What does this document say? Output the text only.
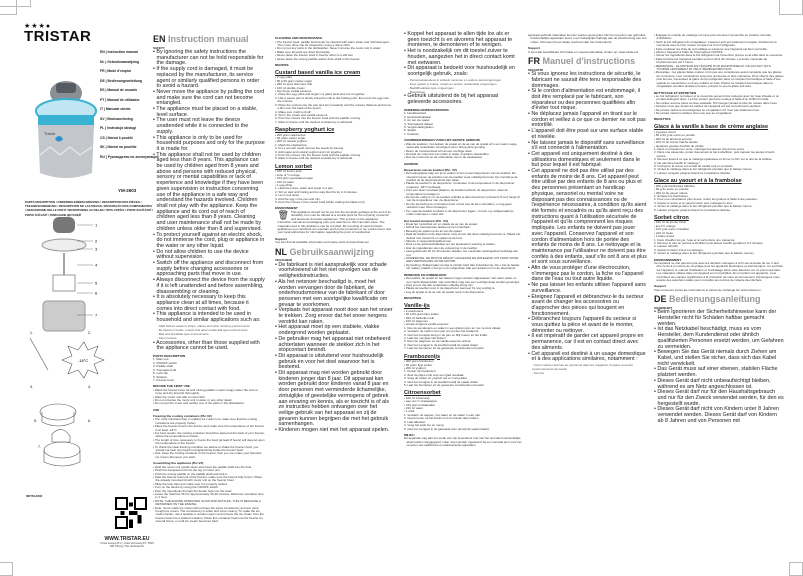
★★★●
TRISTAR
Tristar
EN | Instruction manual
NL | Gebruiksaanwijzing
FR | Mode d'emploi
DE | Bedienungsanleitung
ES | Manual de usuario
PT | Manual de utilizador
IT | Manuale utente
SV | Bruksanvisning
PL | Instrukcja obsługi
CS | Návod k použití
SK | Návod na použitie
RU | Руководство по эксплуатации
YM-2603
PARTS DESCRIPTION / ONDERDELENBESCHRIJVING / DESCRIPTION DES PIÈCES / TEILEBESCHREIBUNG / DESCRIPCIÓN DE LAS PIEZAS / DESCRIÇÃO DOS COMPONENTES / DESCRIZIONE DELLE PARTI / BESKRIVNING AV DELAR / OPIS CZĘŚCI / POPIS SOUČÁSTÍ / POPIS SÚČASTÍ / ОПИСАНИЕ ДЕТАЛЕЙ
1
2
3
4
5
6
7
-18°C
1.	2.
3.	4.
5.	6.
7.
IM/YM-2603
WWW.TRISTAR.EU
Tristar Europe B.V. | Jules Verneweg 87 | 5015 BM Tilburg | The Netherlands
EN Instruction manual
SAFETY
• By ignoring the safety instructions the manufacturer can not be hold responsible for the damage.
• If the supply cord is damaged, it must be replaced by the manufacturer, its service agent or similarly qualified persons in order to avoid a hazard.
• Never move the appliance by pulling the cord and make sure the cord can not become entangled.
• The appliance must be placed on a stable, level surface.
• The user must not leave the device unattended while it is connected to the supply.
• This appliance is only to be used for household purposes and only for the purpose it is made for.
• This appliance shall not be used by children aged less than 8 years. This appliance can be used by children aged from 8 years and above and persons with reduced physical, sensory or mental capabilities or lack of experience and knowledge if they have been given supervision or instruction concerning use of the appliance in a safe way and understand the hazards involved. Children shall not play with the appliance. Keep the appliance and its cord out of reach of children aged less than 8 years. Cleaning and user maintenance shall not be made by children unless older than 8 and supervised.
• To protect yourself against an electric shock, do not immerse the cord, plug or appliance in the water or any other liquid.
• Do not allow children to use the device without supervision.
• Switch off the appliance and disconnect from supply before changing accessories or approaching parts that move in use.
• Always disconnect the device from the supply if it is left unattended and before assembling, disassembling or cleaning.
• It is absolutely necessary to keep this appliance clean at all times, because it comes into direct contact with food.
• This appliance is intended to be used in household and similar applications such as:
- Staff kitchen areas in shops, offices and other working environments.
- By clients in hotels, motels and other residential type environments.
- Bed and breakfast type environments.
- Farm houses.
• Accessories, other than those supplied with the appliance cannot be used.
PARTS DESCRIPTION
1. Main unit
2. ON/OFF switch
3. Paddle shaft
4. Transparent lid
5. Lock clip
6. Spatula
7. Freezer bowl
BEFORE THE FIRST USE
• Wash the freezer bowl, lid and mixing paddle in warm soapy water. Be sure to rinse and dry all parts thoroughly.
• Wipe the motor unit with a moist cloth.
• Do not immerse the motor unit in water or any other liquid.
• Do not put the motor and neither one of the parts in the dishwasher.
USE
Freezing the cooling containers (Pic.V2)
• The most important step in making ice cream is to make sure that the cooling containers are properly frozen.
• Place the freezer bowl in the freezer and make sure the temperature of the freezer is at least -18°C.
• For best results, the cooling container should be placed at the back of your freezer, where the temperature is lowest.
• The length of time necessary to freeze the bowl (at least 8 hours) will depend upon the temperature of the freezer.
• To check the ideal freezing condition we advise to shake the freezer bowl, you should not hear any liquid moving/sloshing inside the freezer bowl.
• Hint: Keep the cooling container in the freezer, then you can make your favourite ice cream whenever you want.
Assembling the appliance (Pic.V3)
• Hold the motor unit upside down and insert the paddle shaft into the hole.
• Push the transparent lid into the leg of motor unit.
• Push the mixing paddle on the paddle shaft and lock it.
• Take the freezer bowl out of the freezer, make sure the bowl is fully frozen. Place the already mounted lid with motor unit on the freezer bowl.
• Slide the lock clips and make sure it is properly locked.
• Turn on the device by using the ON/OFF switch.
• Pour the ingredients through the feeder hole into the bowl.
• Leave the machine ON for approximately 20-40 minutes. Maximum operation time is 1 hour.
• NOTE: THE ENGINE OPERATES SLOW AND RATTLES. THIS IS BECAUSE A RETARDER ON THE ENGINE.
• Note: home made ice cream will not have the same consistency as hard, store bought ice cream. The consistency is softer and more creamy. To make the ice cream harder, use a spatula or wooden spoon and remove the ice cream from the freezer bowl into a sealed container. Place this container back into the freezer for several hours, or until ice cream becomes hard.
CLEANING AND MAINTENANCE
• The freezer bowl, paddle and lid can be cleaned with warm water and mild detergent. The motor drive can be cleaned by using a damp cloth.
• Do not put any parts in the dishwasher. Never immerse the motor unit in water.
• Make sure all parts are dried thoroughly.
• Never place the freezer bowl in freezer when it is still wet.
• Never place the mixing paddle and/or drive shaft in the freezer.
RECIPES
Custard based vanilla ice cream
• 2 egg yolks
• 50 à 60 gram caster sugar
• 200 ml semi skimmed milk
• 100 ml double cream
• few drops vanilla essence
1. Place the egg yolks and sugar in a glass bowl and mix it together.
2. Use a sauce pan to slowly bring the milk to the boiling point, then pour the egg onto the mixture.
3. Place the mixture into the pan and stir constantly until the mixture thickens and forms a film over the back of the spoon.
4. Make sure it will not boil!
5. Stir in the cream and vanilla essence.
6. Pour the mixture into the freezer bowl with the paddle running.
7. Allow to freeze until the desired consistency is achieved.
Raspberry yoghurt ice
• 200 gram raspberries
• 60 gram caster sugar
• 200 ml natural yoghurt
1. Mash the raspberries.
2. For a smooth result remove the seeds by sieving.
3. Add sugar and natural yoghurt and mix together.
4. Pour the mixture into the freezer bowl with the paddle running.
5. Allow to freeze until the desired consistency is achieved.
Lemon sorbet
• 100 ml lemon juice
• juice of ½ orange
• 210 gram granulated sugar
• 210 ml water
• 1 egg white
1. Heat the juices, water and sugar in a pan.
2. Stir up well until boiling and let stay like this for 2-3 minutes.
3. Let it cool down.
4. Add the egg in the pan and mix.
5. Pour the mixture in the cooled bowl (while making the blade turn).
ENVIRONMENT
🗑 This appliance should not be put into the domestic garbage at the end of its durability, but must be offered at a central point for the recycling of electric and electronic domestic appliances. This symbol on the appliance, instruction manual and packaging puts your attention to this important issue. The materials used in this appliance can be recycled. By recycling of used domestic appliances you contribute an important push to the protection of our environment. Ask your local authorities for information regarding the point of recollection.
Support
You can find all available information and spare parts at www.tristar.eu!
NL Gebruiksaanwijzing
VEILIGHEID
• De fabrikant is niet aansprakelijk voor schade voortvloeiend uit het niet opvolgen van de veiligheidsinstructies.
• Als het netsnoer beschadigd is, moet het worden vervangen door de fabrikant, de onderhoudsmonteur van de fabrikant of door personen met een soortgelijke kwalificatie om gevaar te voorkomen.
• Verplaats het apparaat nooit door aan het snoer te trekken. Zorg ervoor dat het snoer nergens verstrikt kan raken.
• Het apparaat moet op een stabiele, vlakke ondergrond worden geplaatst.
• De gebruiker mag het apparaat niet onbeheerd achterlaten wanneer de stekker zich in het stopcontact bevindt.
• Dit apparaat is uitsluitend voor huishoudelijk gebruik en voor het doel waarvoor het is bestemd.
• Dit apparaat mag niet worden gebruikt door kinderen jonger dan 8 jaar. Dit apparaat kan worden gebruikt door kinderen vanaf 8 jaar en door personen met verminderde lichamelijke, zintuiglijke of geestelijke vermogens of gebrek aan ervaring en kennis, als er toezicht is of als ze instructies hebben ontvangen over het veilige gebruik van het apparaat en zij de gevaren kunnen begrijpen die met het gebruik samenhangen.
• Kinderen mogen niet met het apparaat spelen.
• Koppel het apparaat te allen tijde los als er geen toezicht is en alvorens het apparaat te monteren, te demonteren of te reinigen.
• Het is noodzakelijk om dit toestel zuiver te houden, aangezien het in direct contact komt met eetwaren.
• Dit apparaat is bedoeld voor huishoudelijk en soortgelijk gebruik, zoals:
- Personeelskeukens in winkels, kantoren en andere werkomgevingen.
- Door gasten in hotels, motels en andere residentiële omgevingen.
- Bed&Breakfast-type omgevingen.
- Boerderijen.
• Gebruik uitsluitend de bij het apparaat geleverde accessoires.
ONDERDELENBESCHRIJVING
1. Hoofdeenheid
2. Aan/uitschakelaar
3. As van de spatel
4. Transparant deksel
5. Vergrendelingsklem
6. Spatel
7. Koelkom
VOORBEREIDINGEN VOOR HET EERSTE GEBRUIK
• Was de koelkom, het deksel, de spatel en de as van de spatel af in een warm sopje, spoel alle onderdelen vervolgens af en droog deze grondig.
• Neem de motoreenheid af met een vochtige doek.
• Dompel de motorunit niet onder in water of andere vloeistoffen.
• Doe de motorunit en de onderdelen niet in de vaatwasser.
GEBRUIK
Diepvriezen van de koelbol (Pic. V2)
• De belangrijkste stap om ijs te maken is het correct diepvriezen van de koelbol. De vloeistof tussen de wanden van de koelbol moet volledig bevroren zijn voordat je de koelbol uit de diepvriesruimte kan halen.
• Plaats de koelbol in de diepvriezer. Controleer of de temperatuur in de diepvriezer ongeveer -18°C bedraagt.
• Voor een beter resultaat plaatst u de koelbol achterin de diepvriezer, waar de temperatuur het laagst is.
• De tijd die nodig is om de koelbol volledig te laten bevriezen (minstens 8 uur) hangt af van de temperatuur van uw diepvriezer.
• Om de bevriezing te controleren kunt u best met de kom schudden, u mag geen vloeistof meer horen bewegen.
• Tip: Laat de koelbol constant in de diepvriezer liggen, zo kunt u je zelfgemaakt ijs maken wanneer u maar wilt.
Het toestel monteren (Pic. V3)
• Draai het motorblok om en plaats de as van de spatel.
• Schuif het transparante deksel op het motorblok.
• Bevestig de spatel op de as van de spatel.
• Haal de koelbol uit de diepvriezer zorg ervoor dat deze volledig bevroren is. Plaats het deksel met motorunit en spatel op de kom.
• Sluit de 2 vergrendelingsklemmen.
• Druk op de aan/uitschakelaar om het apparaat in werking te stellen.
• Giet de ingrediënten door de vulopening in de koelbol.
• Laat gedurende 20 tot 40 minuten draaien. De maximale werkingsduur bedraagt één uur.
• OPMERKING: DE MOTOR DRAAIT LANGZAAM EN RATELEND, DIT KOMT DOOR EEN VERTRAGING OP DE MOTOR.
• Opmerking: Zelfgemaakt roomijs is minder hard dan industrieel ijs. Als u het ijs harder wil maken, plaatst u het ijs in een afgesloten bak een aantal uren in de diepvriezer.
REINIGING EN ONDERHOUD
• De koelbol, de spatel en het deksel mogen worden afgewassen met warm water en een zacht afwasmiddel. Het motorblok mag met een vochtige doek worden gereinigd.
• Zorg ervoor dat alle onderdelen volledig droog zijn.
• Plaats de koelbol nooit in de diepvriezer wanneer hij nog vochtig is.
• Leg de spatel of de as van de spatel nooit in de diepvriezer.
RECEPTEN
Vanille-ijs
• 2 eierdooiers
• 50 à 60 gram fijne suiker
• 200 ml halfvolle melk
• 100 ml slagroom
• enkele druppels vanille-essence
1. Doe de eierdooiers en suiker in een glazen kom en mix ze door elkaar.
2. Verwarm de melk in een pan tot net aan het kookpunt.
3. Giet het mengsel terug in de pan en blijf roeren tot het indikt.
4. Laat het mengsel niet koken!
5. Roer de slagroom en de vanille-essence erdoor.
6. Giet het mengsel in de koelbol terwijl de spatel draait.
7. Laat het bevriezen tot de gewenste consistentie is bereikt.
Frambozenijs
• 200 gram frambozen
• 60 gram fijne suiker
• 200 ml yoghurt
1. Pureer de frambozen.
2. Zeef de pitjes eruit voor een glad resultaat.
3. Voeg de suiker en yoghurt toe en meng alles.
4. Giet het mengsel in de koelbol terwijl de spatel draait.
5. Laat het bevriezen tot de gewenste consistentie is bereikt.
Citroensorbet
• 100 ml citroensap
• sap van ½ sinaasappel
• 210 gram kristalsuiker
• 210 ml water
• 1 eiwit
1. Verwarm de sappen, het water en de suiker in een pan.
2. Goed roeren tot het kookt en 2-3 minuten laten koken.
3. Laat afkoelen.
4. Voeg het eiwit toe en meng.
5. Giet het mengsel in de gekoelde kom (terwijl de spatel draait).
MILIEU
Dit apparaat mag aan het einde van zijn levensduur niet met het normale huishoudelijke afval worden weggegooid, maar moet worden ingeleverd bij een centraal punt voor het recyclen van elektrische en elektronische apparaten.
apparaat gebruikt materialen kunnen worden gerecycled. Met het recyclen van gebruikte huishoudelijke apparaten levert u een belangrijke bijdrage aan de bescherming van ons milieu. Informeer bij uw lokale overheid naar het inzamelpunt.
Support
U kunt alle beschikbare informatie en reserveonderdelen vinden op: www.tristar.eu!
FR Manuel d'instructions
SÉCURITÉ
• Si vous ignorez les instructions de sécurité, le fabricant ne saurait être tenu responsable des dommages.
• Si le cordon d'alimentation est endommagé, il doit être remplacé par le fabricant, son réparateur ou des personnes qualifiées afin d'éviter tout risque.
• Ne déplacez jamais l'appareil en tirant sur le cordon et veillez à ce que ce dernier ne soit pas entortillé.
• L'appareil doit être posé sur une surface stable et nivelée.
• Ne laissez jamais le dispositif sans surveillance s'il est connecté à l'alimentation.
• Cet appareil est uniquement destiné à des utilisations domestiques et seulement dans le but pour lequel il est fabriqué.
• Cet appareil ne doit pas être utilisé par des enfants de moins de 8 ans. Cet appareil peut être utilisé par des enfants de 8 ans ou plus et des personnes présentant un handicap physique, sensoriel ou mental voire ne disposant pas des connaissances ou de l'expérience nécessaires, à condition qu'ils aient été formés et encadrés ou qu'ils aient reçu des instructions quant à l'utilisation sécurisée de l'appareil et qu'ils comprennent les risques impliqués. Les enfants ne doivent pas jouer avec l'appareil. Conservez l'appareil et son cordon d'alimentation hors de portée des enfants de moins de 8 ans. Le nettoyage et la maintenance par l'utilisateur ne doivent pas être confiés à des enfants, sauf s'ils ont 8 ans et plus et sont sous surveillance.
• Afin de vous protéger d'une électrocution, n'immergez pas le cordon, la fiche ou l'appareil dans de l'eau ou tout autre liquide.
• Ne pas laisser les enfants utiliser l'appareil sans surveillance.
• Éteignez l'appareil et débranchez-le du secteur avant de changer les accessoires ou d'approcher des pièces qui bougent en fonctionnement.
• Débranchez toujours l'appareil du secteur si vous quittez la pièce et avant de le monter, démonter ou nettoyer.
• Il est impératif de garder cet appareil propre en permanence, car il est en contact direct avec des aliments.
• Cet appareil est destiné à un usage domestique et à des applications similaires, notamment :
- Coins cuisine réservés au personnel dans les magasins, bureaux et autres environnements de travail.
- Fermes.
• Engager le module de mélange sur l'axe puis retourner l'ensemble en position normale d'utilisation.
• Sortir le bol réfrigérant du congélateur, s'assurer qu'il est totalement congelé. Positionner le couvercle avec le bloc moteur complet sur le bol réfrigérant.
• Faire coulisser les clips de verrouillage et s'assurer que l'appareil est bien verrouillé.
• Allumer l'appareil à l'aide de l'interrupteur ON/OFF.
• Verser les ingrédients dans le bol réfrigérant via l'ouverture prévue à cet effet dans le couvercle.
• Faire fonctionner l'appareil pendant environ 20 à 40 minutes. La durée maximale de fonctionnement est 1 heure.
• REMARQUE : LE MOTEUR EST ÉQUIPÉ D'UN RALENTISSEUR. CE QUI FAIT QU'IL TOURNE LENTEMENT ET PEUT SEMBLER BRUYANT.
• Remarque : les glaces faites maison n'ont pas une consistance aussi compacte que les glaces du commerce. Leur consistance sera plus onctueuse et plus crémeuse. Pour obtenir des glaces plus fermes, transvasez la glace du bol réfrigérant dans un récipient hermétique à l'aide d'une spatule en caoutchouc ou d'une cuillère en bois. Placez ce récipient hermétique dans le congélateur pendant plusieurs heures, jusqu'à ce que la glace soit dure.
NETTOYAGE ET ENTRETIEN
• Le bol réfrigérant, le batteur et le couvercle peuvent être nettoyés avec de l'eau chaude et un produit détergent doux. Le bloc moteur peut être nettoyé à l'aide d'un chiffon humide.
• Ne mettez aucune pièce au lave-vaisselle. N'immergez jamais le bloc du moteur dans l'eau.
• Assurez-vous que toutes les parties de l'appareil ont été correctement séchées.
• Ne jamais mettre le bol réfrigérant au congélateur s'il n'est pas totalement sec.
• Ne jamais mettre le batteur et/ou son axe au congélateur.
RECETTES
Glace à la vanille à base de crème anglaise
• 2 jaunes d'œuf
• 50 à 60 g de sucre en poudre
• 200 ml de lait demi écrémé
• 100 ml de crème fraîche liquide
• quelques gouttes d'extrait de vanille
1. Dans un récipient en verre, mélanger les jaunes d'œuf et le sucre.
2. Dans une casserole, porter doucement le lait à ébullition, puis rajouter les jaunes d'œufs sucrés.
3. Remuer jusqu'à ce que le mélange épaississe et forme un film sur le dos de la cuillère.
4. Ne pas faire bouillir le mélange !
5. Incorporer la crème et l'extrait de vanille tout en remuant.
6. Verser le mélange dans le bol réfrigérant pendant que le batteur tourne.
7. Laisser congeler jusqu'à obtenir la consistance désirée.
Glace au yaourt et à la framboise
• 200 g de framboises fraîches
• 60 g de sucre en poudre
• 200 ml de yaourt nature
1. Écraser les framboises.
2. Pour une consistance plus douce, retirer les graines à l'aide d'une passoire.
3. Ajouter le sucre et le yaourt nature puis mélanger le tout.
4. Verser le mélange dans le bol réfrigérant pendant que le batteur tourne.
5. Laisser congeler jusqu'à obtenir la consistance désirée.
Sorbet citron
• 100 ml de jus de citron
• jus d'½ orange
• 210 g de sucre cristallisé
• 210 ml d'eau
• 1 blanc d'œuf
1. Faire chauffer les jus, l'eau et le sucre dans une casserole.
2. Remuer le tout en portant à ébullition puis laisser bouillir pendant 2 à 3 minutes.
3. Laisser refroidir.
4. Ajouter le blanc d'œuf et mélanger.
5. Verser le mélange dans le bol réfrigérant (pendant que le batteur tourne).
ENVIRONNEMENT
Cet appareil ne doit pas être jeté avec les déchets ménagers à la fin de sa durée de vie, il doit être remis à un centre de recyclage pour les appareils électriques et électroniques. Ce symbole sur l'appareil, le manuel d'utilisation et l'emballage attire votre attention sur ce point important. Les matériaux utilisés dans cet appareil sont recyclables. En recyclant vos appareils, vous contribuez de manière significative à la protection de notre environnement. Renseignez-vous auprès des autorités locales pour connaître les centres de collecte des déchets.
Support
Vous trouverez toutes les informations et pièces de rechange sur www.tristar.eu !
DE Bedienungsanleitung
SICHERHEIT
• Beim Ignorieren der Sicherheitshinweise kann der Hersteller nicht für Schäden haftbar gemacht werden.
• Ist das Netzkabel beschädigt, muss es vom Hersteller, dem Kundendienst oder ähnlich qualifizierten Personen ersetzt werden, um Gefahren zu vermeiden.
• Bewegen Sie das Gerät niemals durch Ziehen am Kabel, und stellen Sie sicher, dass sich das Kabel nicht verwickelt.
• Das Gerät muss auf einer ebenen, stabilen Fläche platziert werden.
• Dieses Gerät darf nicht unbeaufsichtigt bleiben, während es am Netz angeschlossen ist.
• Dieses Gerät darf nur für den Haushaltsgebrauch und nur für den Zweck verwendet werden, für den es hergestellt wurde.
• Dieses Gerät darf nicht von Kindern unter 8 Jahren verwendet werden. Dieses Gerät darf von Kindern ab 8 Jahren und von Personen mit
